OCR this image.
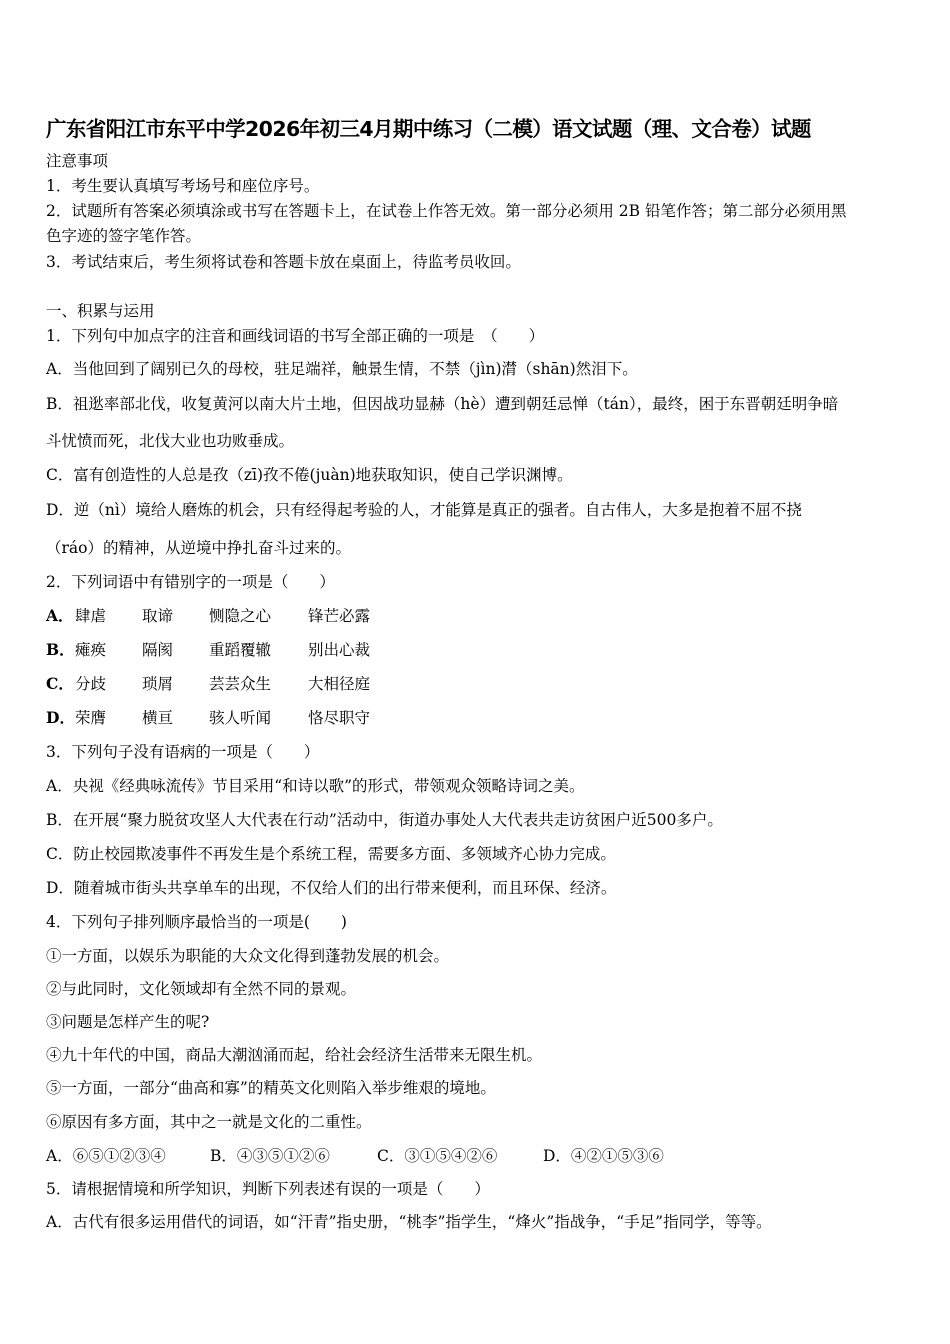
广东省阳江市东平中学2026年初三4月期中练习（二模）语文试题（理、文合卷）试题
注意事项
1．考生要认真填写考场号和座位序号。
2．试题所有答案必须填涂或书写在答题卡上，在试卷上作答无效。第一部分必须用 2B 铅笔作答；第二部分必须用黑
色字迹的签字笔作答。
3．考试结束后，考生须将试卷和答题卡放在桌面上，待监考员收回。
一、积累与运用
1．下列句中加点字的注音和画线词语的书写全部正确的一项是　（　　）
A．当他回到了阔别已久的母校，驻足端祥，触景生情，不禁（jìn)潸（shān)然泪下。
B．祖逖率部北伐，收复黄河以南大片土地，但因战功显赫（hè）遭到朝廷忌惮（tán），最终，困于东晋朝廷明争暗
斗忧愤而死，北伐大业也功败垂成。
C．富有创造性的人总是孜（zī)孜不倦(juàn)地获取知识，使自己学识渊博。
D．逆（nì）境给人磨炼的机会，只有经得起考验的人，才能算是真正的强者。自古伟人，大多是抱着不屈不挠
（ráo）的精神，从逆境中挣扎奋斗过来的。
2．下列词语中有错别字的一项是（　　）
A． 肆虐 取谛 恻隐之心 锋芒必露
B． 瘫痪 隔阂 重蹈覆辙 别出心裁
C． 分歧 琐屑 芸芸众生 大相径庭
D． 荣膺 横亘 骇人听闻 恪尽职守
3．下列句子没有语病的一项是（　　）
A．央视《经典咏流传》节目采用“和诗以歌”的形式，带领观众领略诗词之美。
B．在开展“聚力脱贫攻坚人大代表在行动”活动中，街道办事处人大代表共走访贫困户近500多户。
C．防止校园欺凌事件不再发生是个系统工程，需要多方面、多领域齐心协力完成。
D．随着城市街头共享单车的出现，不仅给人们的出行带来便利，而且环保、经济。
4．下列句子排列顺序最恰当的一项是(　　)
①一方面，以娱乐为职能的大众文化得到蓬勃发展的机会。
②与此同时，文化领域却有全然不同的景观。
③问题是怎样产生的呢?
④九十年代的中国，商品大潮汹涌而起，给社会经济生活带来无限生机。
⑤一方面，一部分“曲高和寡”的精英文化则陷入举步维艰的境地。
⑥原因有多方面，其中之一就是文化的二重性。
A．⑥⑤①②③④	B．④③⑤①②⑥	C．③①⑤④②⑥	D．④②①⑤③⑥
5．请根据情境和所学知识，判断下列表述有误的一项是（　　）
A．古代有很多运用借代的词语，如“汗青”指史册，“桃李”指学生，“烽火”指战争，“手足”指同学，等等。
